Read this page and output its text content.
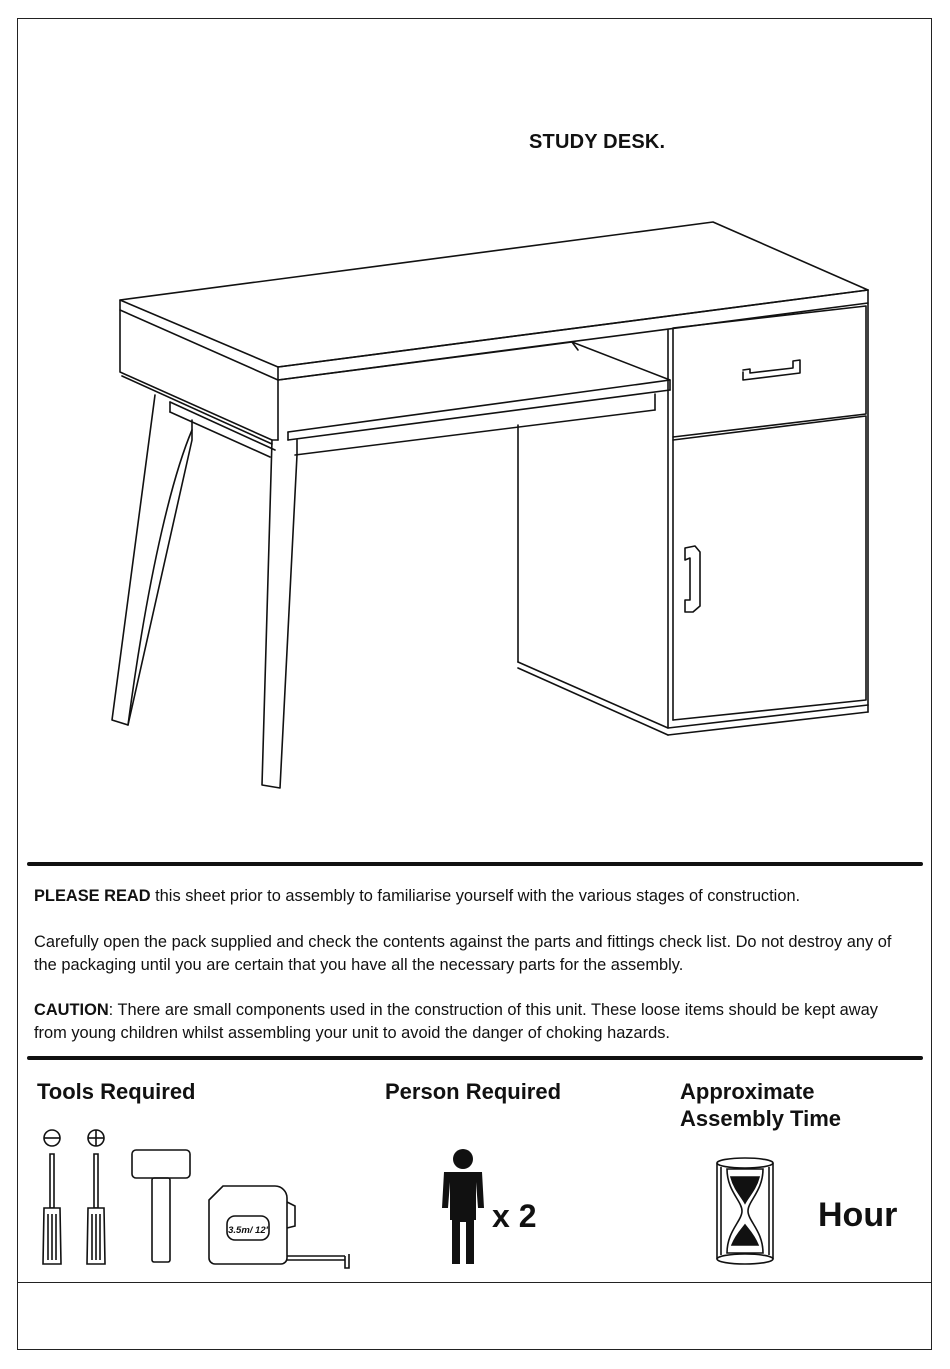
STUDY DESK.
PLEASE READ this sheet prior to assembly to familiarise yourself with the various stages of construction.
Carefully open the pack supplied and check the contents against the parts and fittings check list. Do not destroy any of the packaging until you are certain that you have all the necessary parts for the assembly.
CAUTION: There are small components used in the construction of this unit. These loose items should be kept away from young children whilst assembling your unit to avoid the danger of choking hazards.
Tools Required
3.5m/ 12'
Person Required
x 2
Approximate
Assembly Time
Hour
